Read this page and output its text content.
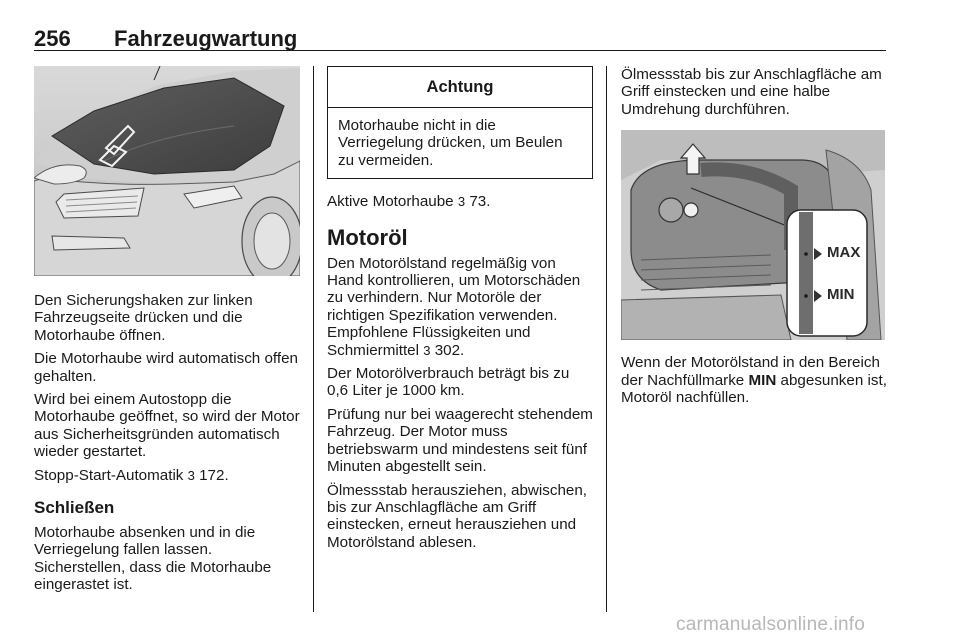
256 Fahrzeugwartung

Den Sicherungshaken zur linken Fahrzeugseite drücken und die Motorhaube öffnen.

Die Motorhaube wird automatisch offen gehalten.

Wird bei einem Autostopp die Motorhaube geöffnet, so wird der Motor aus Sicherheitsgründen automatisch wieder gestartet.

Stopp-Start-Automatik 3 172.

Schließen

Motorhaube absenken und in die Verriegelung fallen lassen. Sicherstellen, dass die Motorhaube eingerastet ist.

Achtung

Motorhaube nicht in die Verriegelung drücken, um Beulen zu vermeiden.

Aktive Motorhaube 3 73.

Motoröl

Den Motorölstand regelmäßig von Hand kontrollieren, um Motorschäden zu verhindern. Nur Motoröle der richtigen Spezifikation verwenden. Empfohlene Flüssigkeiten und Schmiermittel 3 302.

Der Motorölverbrauch beträgt bis zu 0,6 Liter je 1000 km.

Prüfung nur bei waagerecht stehendem Fahrzeug. Der Motor muss betriebswarm und mindestens seit fünf Minuten abgestellt sein.

Ölmessstab herausziehen, abwischen, bis zur Anschlagfläche am Griff einstecken, erneut herausziehen und Motorölstand ablesen.

Ölmessstab bis zur Anschlagfläche am Griff einstecken und eine halbe Umdrehung durchführen.

MAX
MIN

Wenn der Motorölstand in den Bereich der Nachfüllmarke MIN abgesunken ist, Motoröl nachfüllen.

carmanualsonline.info
